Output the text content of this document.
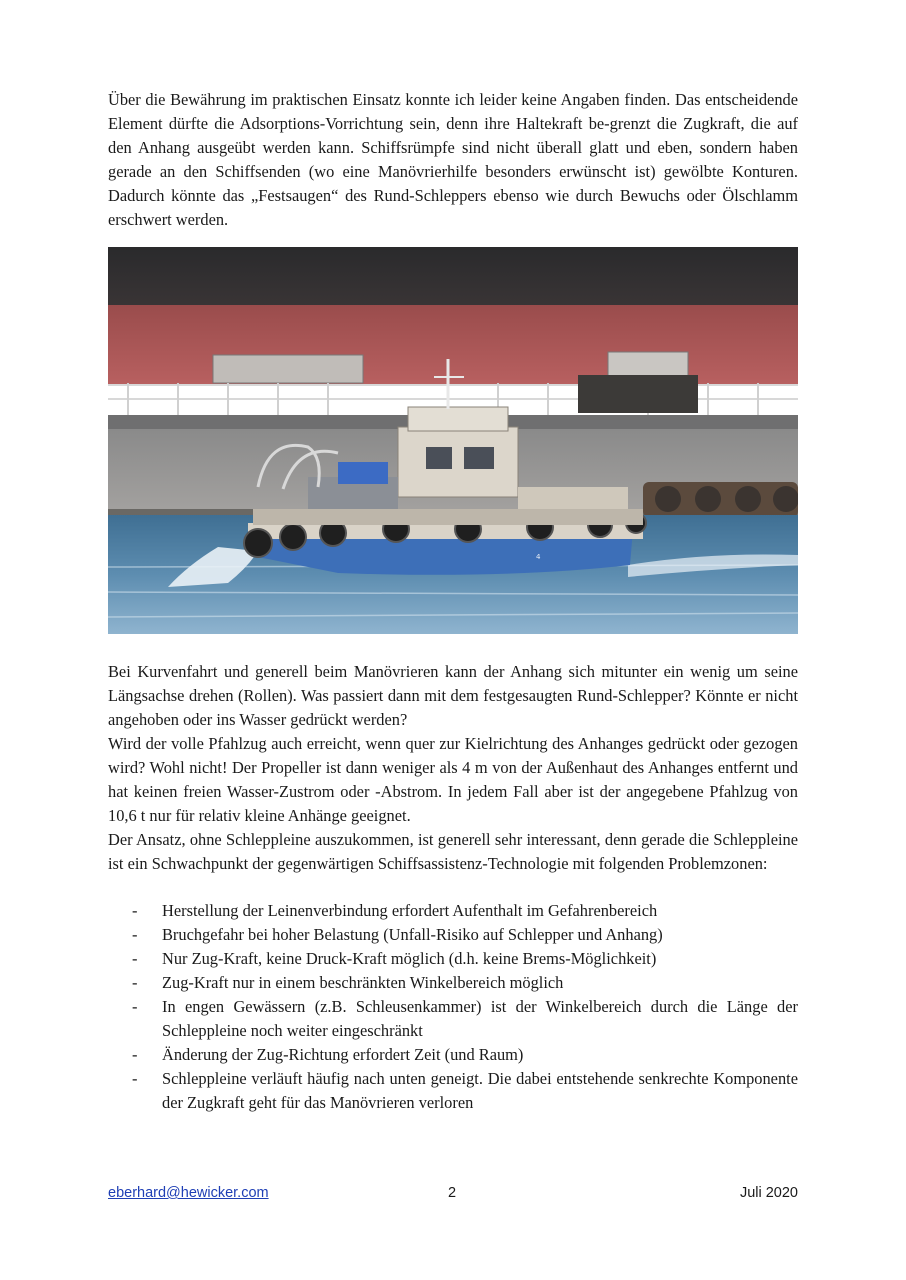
Über die Bewährung im praktischen Einsatz konnte ich leider keine Angaben finden. Das entscheidende Element dürfte die Adsorptions-Vorrichtung sein, denn ihre Haltekraft be-grenzt die Zugkraft, die auf den Anhang ausgeübt werden kann. Schiffsrümpfe sind nicht überall glatt und eben, sondern haben gerade an den Schiffsenden (wo eine Manövrierhilfe besonders erwünscht ist) gewölbte Konturen. Dadurch könnte das „Festsaugen“ des Rund-Schleppers ebenso wie durch Bewuchs oder Ölschlamm erschwert werden.

4
Bei Kurvenfahrt und generell beim Manövrieren kann der Anhang sich mitunter ein wenig um seine Längsachse drehen (Rollen). Was passiert dann mit dem festgesaugten Rund-Schlepper? Könnte er nicht angehoben oder ins Wasser gedrückt werden?
Wird der volle Pfahlzug auch erreicht, wenn quer zur Kielrichtung des Anhanges gedrückt oder gezogen wird? Wohl nicht! Der Propeller ist dann weniger als 4 m von der Außenhaut des Anhanges entfernt und hat keinen freien Wasser-Zustrom oder -Abstrom. In jedem Fall aber ist der angegebene Pfahlzug von 10,6 t nur für relativ kleine Anhänge geeignet.
Der Ansatz, ohne Schleppleine auszukommen, ist generell sehr interessant, denn gerade die Schleppleine ist ein Schwachpunkt der gegenwärtigen Schiffsassistenz-Technologie mit folgenden Problemzonen:
- Herstellung der Leinenverbindung erfordert Aufenthalt im Gefahrenbereich
- Bruchgefahr bei hoher Belastung (Unfall-Risiko auf Schlepper und Anhang)
- Nur Zug-Kraft, keine Druck-Kraft möglich (d.h. keine Brems-Möglichkeit)
- Zug-Kraft nur in einem beschränkten Winkelbereich möglich
- In engen Gewässern (z.B. Schleusenkammer) ist der Winkelbereich durch die Länge der Schleppleine noch weiter eingeschränkt
- Änderung der Zug-Richtung erfordert Zeit (und Raum)
- Schleppleine verläuft häufig nach unten geneigt. Die dabei entstehende senkrechte Komponente der Zugkraft geht für das Manövrieren verloren
eberhard@hewicker.com	2	Juli 2020
